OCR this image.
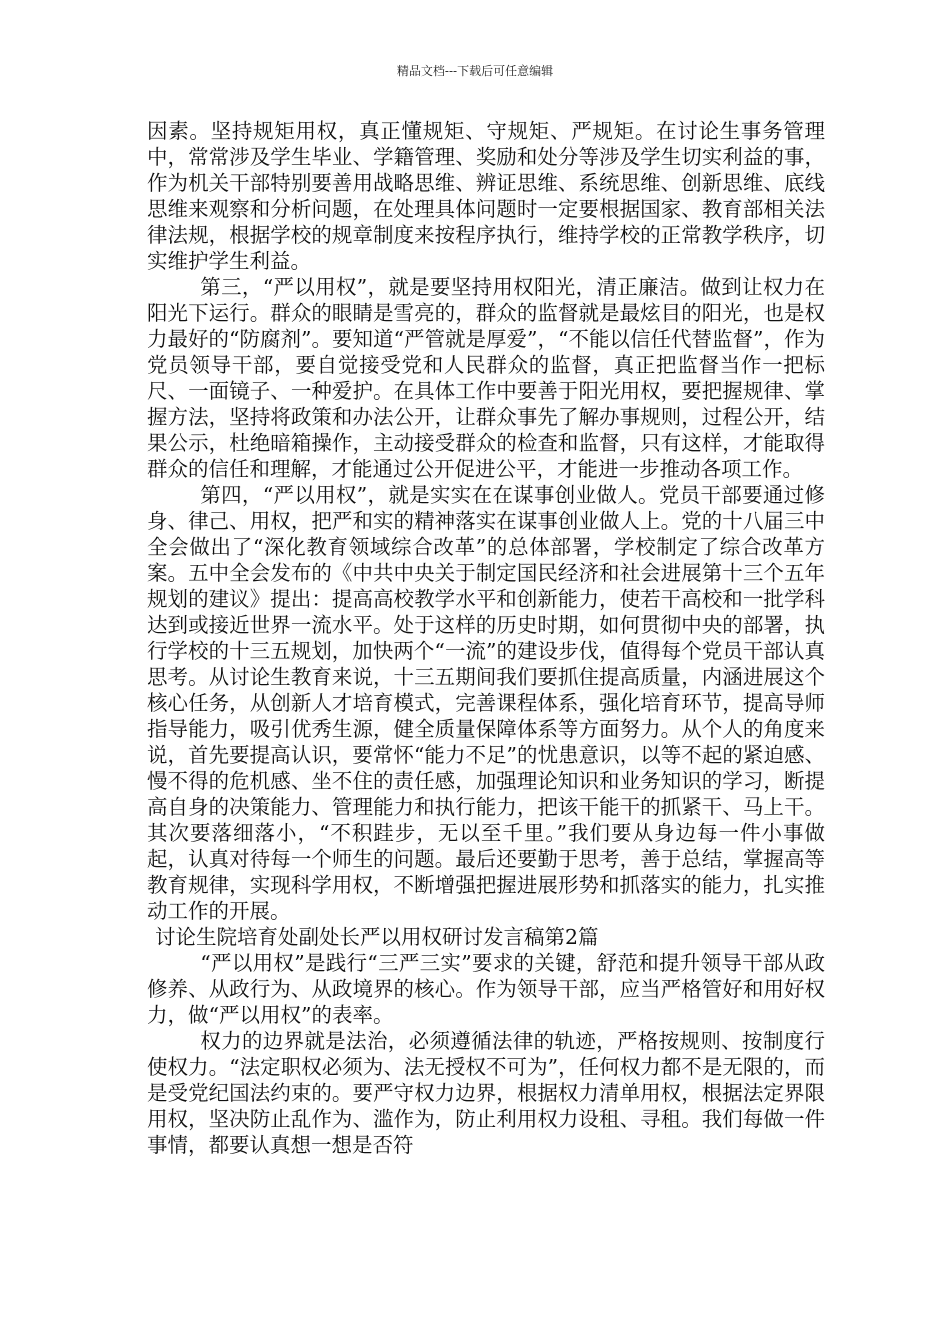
精品文档---下载后可任意编辑

因素。坚持规矩用权，真正懂规矩、守规矩、严规矩。在讨论生事务管理中，常常涉及学生毕业、学籍管理、奖励和处分等涉及学生切实利益的事，作为机关干部特别要善用战略思维、辨证思维、系统思维、创新思维、底线思维来观察和分析问题，在处理具体问题时一定要根据国家、教育部相关法律法规，根据学校的规章制度来按程序执行，维持学校的正常教学秩序，切实维护学生利益。

第三，“严以用权”，就是要坚持用权阳光，清正廉洁。做到让权力在阳光下运行。群众的眼睛是雪亮的，群众的监督就是最炫目的阳光，也是权力最好的“防腐剂”。要知道“严管就是厚爱”，“不能以信任代替监督”，作为党员领导干部，要自觉接受党和人民群众的监督，真正把监督当作一把标尺、一面镜子、一种爱护。在具体工作中要善于阳光用权，要把握规律、掌握方法，坚持将政策和办法公开，让群众事先了解办事规则，过程公开，结果公示，杜绝暗箱操作，主动接受群众的检查和监督，只有这样，才能取得群众的信任和理解，才能通过公开促进公平，才能进一步推动各项工作。

第四，“严以用权”，就是实实在在谋事创业做人。党员干部要通过修身、律己、用权，把严和实的精神落实在谋事创业做人上。党的十八届三中全会做出了“深化教育领域综合改革”的总体部署，学校制定了综合改革方案。五中全会发布的《中共中央关于制定国民经济和社会进展第十三个五年规划的建议》提出：提高高校教学水平和创新能力，使若干高校和一批学科达到或接近世界一流水平。处于这样的历史时期，如何贯彻中央的部署，执行学校的十三五规划，加快两个“一流”的建设步伐，值得每个党员干部认真思考。从讨论生教育来说，十三五期间我们要抓住提高质量，内涵进展这个核心任务，从创新人才培育模式，完善课程体系，强化培育环节，提高导师指导能力，吸引优秀生源，健全质量保障体系等方面努力。从个人的角度来说，首先要提高认识，要常怀“能力不足”的忧患意识，以等不起的紧迫感、慢不得的危机感、坐不住的责任感，加强理论知识和业务知识的学习，断提高自身的决策能力、管理能力和执行能力，把该干能干的抓紧干、马上干。其次要落细落小，“不积跬步，无以至千里。”我们要从身边每一件小事做起，认真对待每一个师生的问题。最后还要勤于思考，善于总结，掌握高等教育规律，实现科学用权，不断增强把握进展形势和抓落实的能力，扎实推动工作的开展。

讨论生院培育处副处长严以用权研讨发言稿第2篇

“严以用权”是践行“三严三实”要求的关键，舒范和提升领导干部从政修养、从政行为、从政境界的核心。作为领导干部，应当严格管好和用好权力，做“严以用权”的表率。

权力的边界就是法治，必须遵循法律的轨迹，严格按规则、按制度行使权力。“法定职权必须为、法无授权不可为”，任何权力都不是无限的，而是受党纪国法约束的。要严守权力边界，根据权力清单用权，根据法定界限用权，坚决防止乱作为、滥作为，防止利用权力设租、寻租。我们每做一件事情，都要认真想一想是否符
